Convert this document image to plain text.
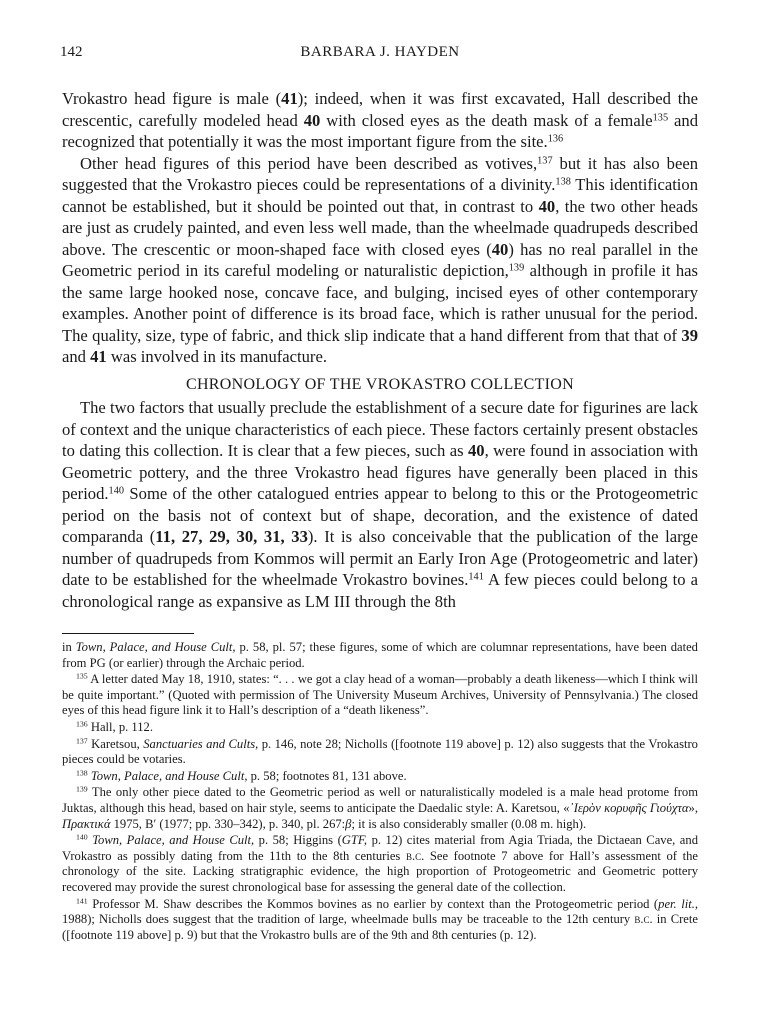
142	BARBARA J. HAYDEN

Vrokastro head figure is male (41); indeed, when it was first excavated, Hall described the crescentic, carefully modeled head 40 with closed eyes as the death mask of a female$^{135}$ and recognized that potentially it was the most important figure from the site.$^{136}$

Other head figures of this period have been described as votives,$^{137}$ but it has also been suggested that the Vrokastro pieces could be representations of a divinity.$^{138}$ This identification cannot be established, but it should be pointed out that, in contrast to 40, the two other heads are just as crudely painted, and even less well made, than the wheelmade quadrupeds described above. The crescentic or moon-shaped face with closed eyes (40) has no real parallel in the Geometric period in its careful modeling or naturalistic depiction,$^{139}$ although in profile it has the same large hooked nose, concave face, and bulging, incised eyes of other contemporary examples. Another point of difference is its broad face, which is rather unusual for the period. The quality, size, type of fabric, and thick slip indicate that a hand different from that that of 39 and 41 was involved in its manufacture.

CHRONOLOGY OF THE VROKASTRO COLLECTION

The two factors that usually preclude the establishment of a secure date for figurines are lack of context and the unique characteristics of each piece. These factors certainly present obstacles to dating this collection. It is clear that a few pieces, such as 40, were found in association with Geometric pottery, and the three Vrokastro head figures have generally been placed in this period.$^{140}$ Some of the other catalogued entries appear to belong to this or the Protogeometric period on the basis not of context but of shape, decoration, and the existence of dated comparanda (11, 27, 29, 30, 31, 33). It is also conceivable that the publication of the large number of quadrupeds from Kommos will permit an Early Iron Age (Protogeometric and later) date to be established for the wheelmade Vrokastro bovines.$^{141}$ A few pieces could belong to a chronological range as expansive as LM III through the 8th

in Town, Palace, and House Cult, p. 58, pl. 57; these figures, some of which are columnar representations, have been dated from PG (or earlier) through the Archaic period.

$^{135}$ A letter dated May 18, 1910, states: “. . . we got a clay head of a woman—probably a death likeness—which I think will be quite important.” (Quoted with permission of The University Museum Archives, University of Pennsylvania.) The closed eyes of this head figure link it to Hall’s description of a “death likeness”.

$^{136}$ Hall, p. 112.

$^{137}$ Karetsou, Sanctuaries and Cults, p. 146, note 28; Nicholls ([footnote 119 above] p. 12) also suggests that the Vrokastro pieces could be votaries.

$^{138}$ Town, Palace, and House Cult, p. 58; footnotes 81, 131 above.

$^{139}$ The only other piece dated to the Geometric period as well or naturalistically modeled is a male head protome from Juktas, although this head, based on hair style, seems to anticipate the Daedalic style: A. Karetsou, «᾿Ιερὸν κορυφῆς Γιούχτα», Πρακτικά 1975, Bʹ (1977; pp. 330–342), p. 340, pl. 267:β; it is also considerably smaller (0.08 m. high).

$^{140}$ Town, Palace, and House Cult, p. 58; Higgins (GTF, p. 12) cites material from Agia Triada, the Dictaean Cave, and Vrokastro as possibly dating from the 11th to the 8th centuries b.c. See footnote 7 above for Hall’s assessment of the chronology of the site. Lacking stratigraphic evidence, the high proportion of Protogeometric and Geometric pottery recovered may provide the surest chronological base for assessing the general date of the collection.

$^{141}$ Professor M. Shaw describes the Kommos bovines as no earlier by context than the Protogeometric period (per. lit., 1988); Nicholls does suggest that the tradition of large, wheelmade bulls may be traceable to the 12th century b.c. in Crete ([footnote 119 above] p. 9) but that the Vrokastro bulls are of the 9th and 8th centuries (p. 12).
